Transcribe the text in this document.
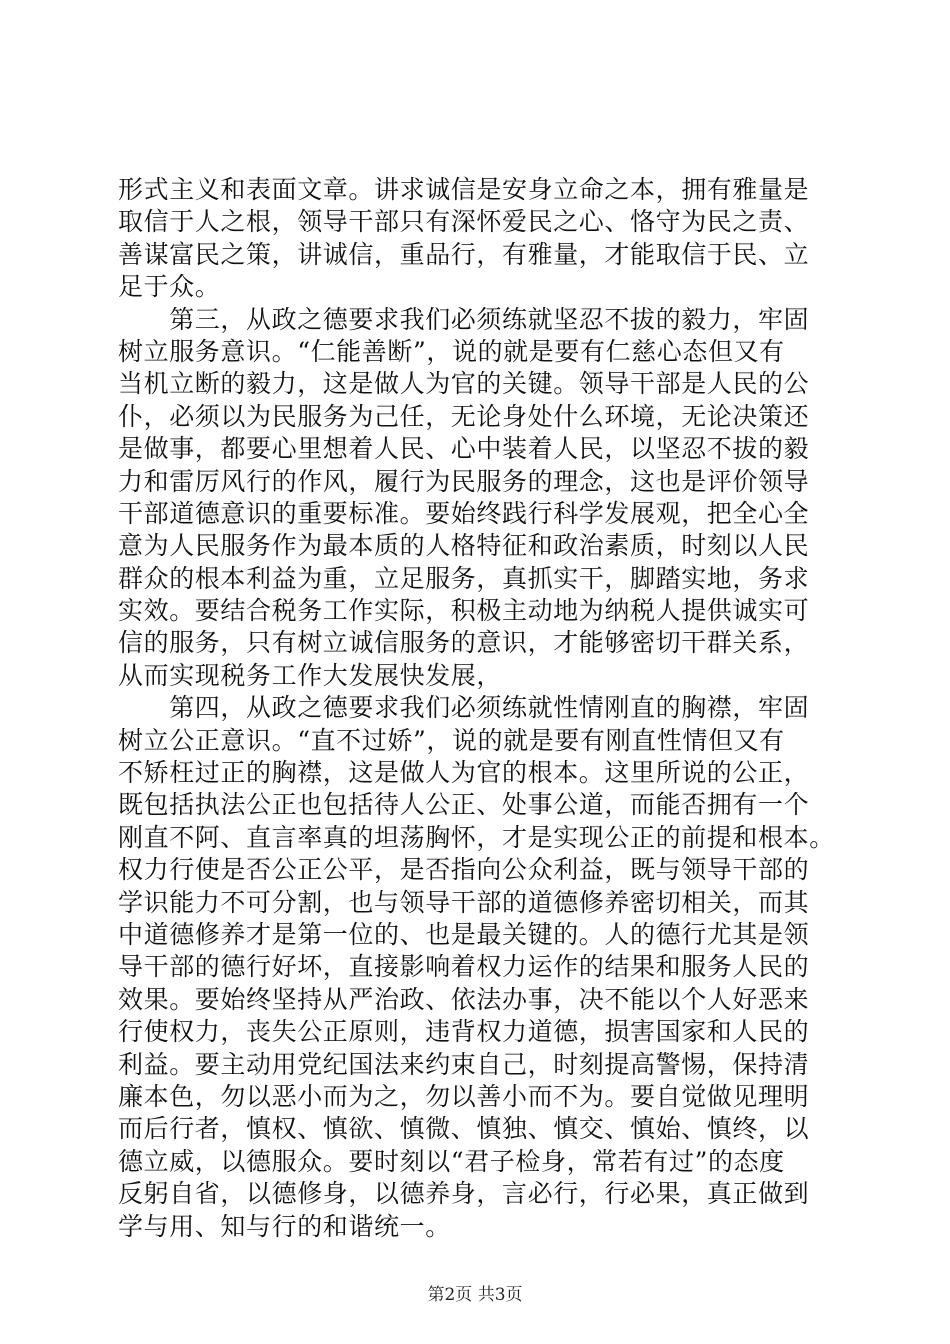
形式主义和表面文章。讲求诚信是安身立命之本，拥有雅量是
取信于人之根，领导干部只有深怀爱民之心、恪守为民之责、
善谋富民之策，讲诚信，重品行，有雅量，才能取信于民、立
足于众。
　　第三，从政之德要求我们必须练就坚忍不拔的毅力，牢固
树立服务意识。“仁能善断”，说的就是要有仁慈心态但又有
当机立断的毅力，这是做人为官的关键。领导干部是人民的公
仆，必须以为民服务为己任，无论身处什么环境，无论决策还
是做事，都要心里想着人民、心中装着人民，以坚忍不拔的毅
力和雷厉风行的作风，履行为民服务的理念，这也是评价领导
干部道德意识的重要标准。要始终践行科学发展观，把全心全
意为人民服务作为最本质的人格特征和政治素质，时刻以人民
群众的根本利益为重，立足服务，真抓实干，脚踏实地，务求
实效。要结合税务工作实际，积极主动地为纳税人提供诚实可
信的服务，只有树立诚信服务的意识，才能够密切干群关系，
从而实现税务工作大发展快发展，
　　第四，从政之德要求我们必须练就性情刚直的胸襟，牢固
树立公正意识。“直不过娇”，说的就是要有刚直性情但又有
不矫枉过正的胸襟，这是做人为官的根本。这里所说的公正，
既包括执法公正也包括待人公正、处事公道，而能否拥有一个
刚直不阿、直言率真的坦荡胸怀，才是实现公正的前提和根本。
权力行使是否公正公平，是否指向公众利益，既与领导干部的
学识能力不可分割，也与领导干部的道德修养密切相关，而其
中道德修养才是第一位的、也是最关键的。人的德行尤其是领
导干部的德行好坏，直接影响着权力运作的结果和服务人民的
效果。要始终坚持从严治政、依法办事，决不能以个人好恶来
行使权力，丧失公正原则，违背权力道德，损害国家和人民的
利益。要主动用党纪国法来约束自己，时刻提高警惕，保持清
廉本色，勿以恶小而为之，勿以善小而不为。要自觉做见理明
而后行者，慎权、慎欲、慎微、慎独、慎交、慎始、慎终，以
德立威，以德服众。要时刻以“君子检身，常若有过”的态度
反躬自省，以德修身，以德养身，言必行，行必果，真正做到
学与用、知与行的和谐统一。
第2页 共3页
